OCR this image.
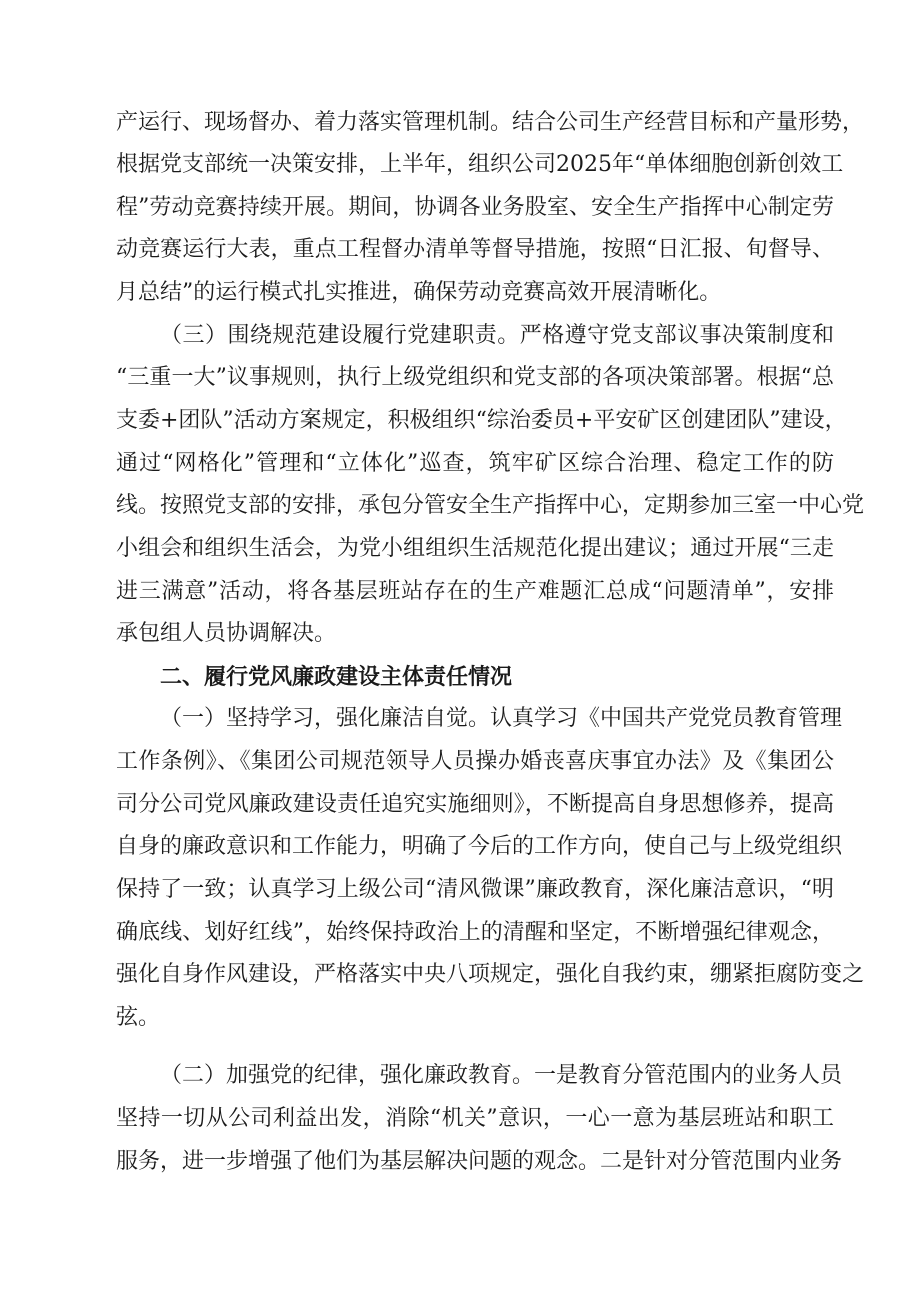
产运行、现场督办、着力落实管理机制。结合公司生产经营目标和产量形势，
根据党支部统一决策安排，上半年，组织公司2025年“单体细胞创新创效工
程”劳动竞赛持续开展。期间，协调各业务股室、安全生产指挥中心制定劳
动竞赛运行大表，重点工程督办清单等督导措施，按照“日汇报、旬督导、
月总结”的运行模式扎实推进，确保劳动竞赛高效开展清晰化。
（三）围绕规范建设履行党建职责。严格遵守党支部议事决策制度和
“三重一大”议事规则，执行上级党组织和党支部的各项决策部署。根据“总
支委+团队”活动方案规定，积极组织“综治委员+平安矿区创建团队”建设，
通过“网格化”管理和“立体化”巡查，筑牢矿区综合治理、稳定工作的防
线。按照党支部的安排，承包分管安全生产指挥中心，定期参加三室一中心党
小组会和组织生活会，为党小组组织生活规范化提出建议；通过开展“三走
进三满意”活动，将各基层班站存在的生产难题汇总成“问题清单”，安排
承包组人员协调解决。
二、履行党风廉政建设主体责任情况
（一）坚持学习，强化廉洁自觉。认真学习《中国共产党党员教育管理
工作条例》、《集团公司规范领导人员操办婚丧喜庆事宜办法》及《集团公
司分公司党风廉政建设责任追究实施细则》，不断提高自身思想修养，提高
自身的廉政意识和工作能力，明确了今后的工作方向，使自己与上级党组织
保持了一致；认真学习上级公司“清风微课”廉政教育，深化廉洁意识，“明
确底线、划好红线”，始终保持政治上的清醒和坚定，不断增强纪律观念，
强化自身作风建设，严格落实中央八项规定，强化自我约束，绷紧拒腐防变之
弦。
（二）加强党的纪律，强化廉政教育。一是教育分管范围内的业务人员
坚持一切从公司利益出发，消除“机关”意识，一心一意为基层班站和职工
服务，进一步增强了他们为基层解决问题的观念。二是针对分管范围内业务
